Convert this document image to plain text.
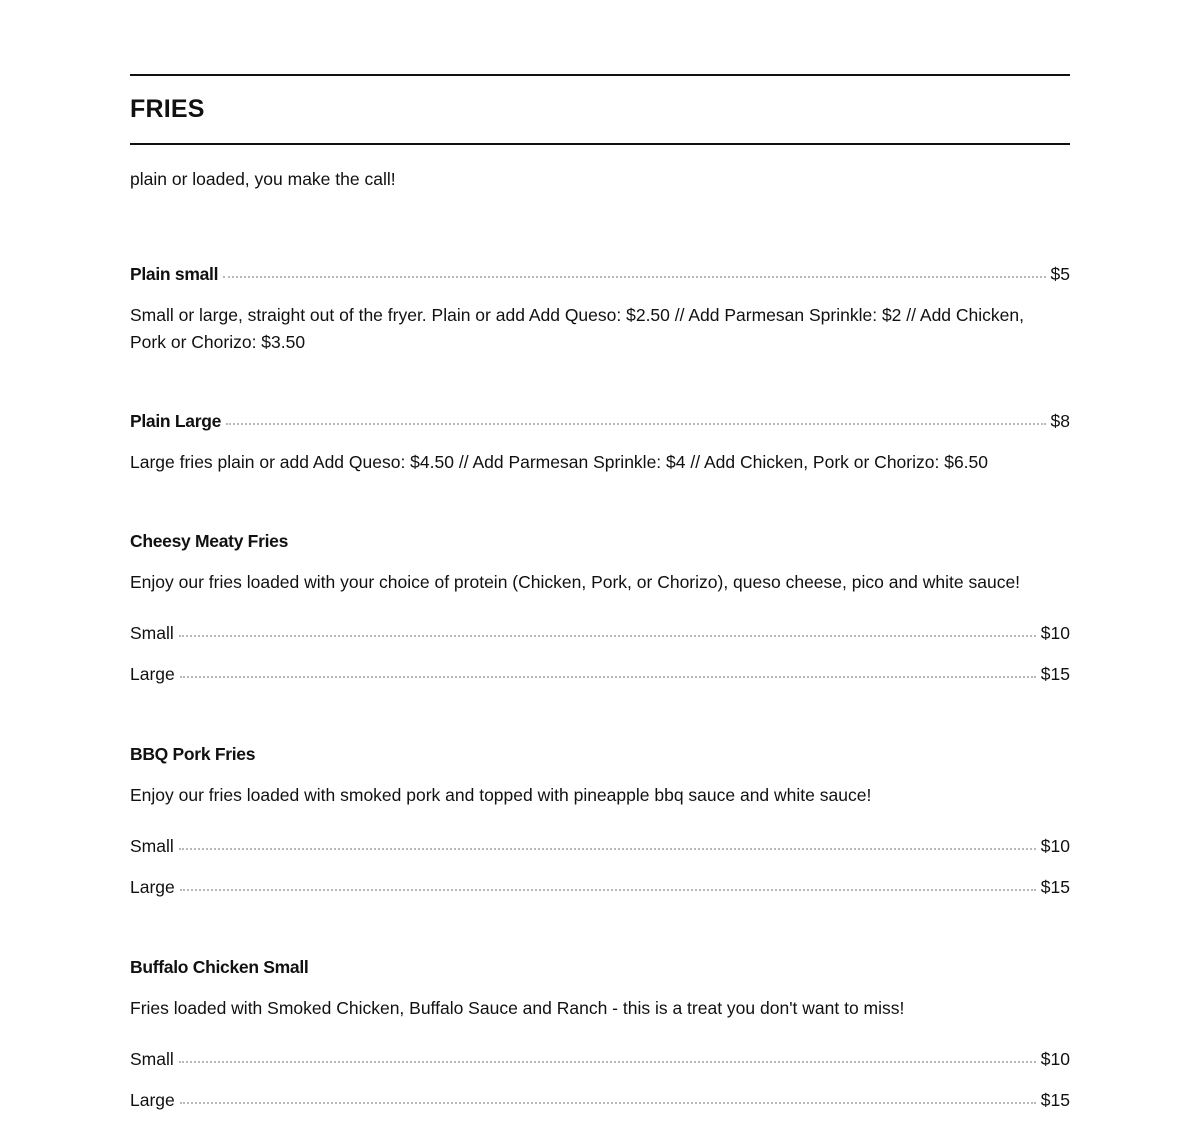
FRIES

plain or loaded, you make the call!

Plain small	$5

Small or large, straight out of the fryer. Plain or add Add Queso: $2.50 // Add Parmesan Sprinkle: $2 // Add Chicken, Pork or Chorizo: $3.50

Plain Large	$8

Large fries plain or add Add Queso: $4.50 // Add Parmesan Sprinkle: $4 // Add Chicken, Pork or Chorizo: $6.50

Cheesy Meaty Fries

Enjoy our fries loaded with your choice of protein (Chicken, Pork, or Chorizo), queso cheese, pico and white sauce!

Small	$10
Large	$15
BBQ Pork Fries

Enjoy our fries loaded with smoked pork and topped with pineapple bbq sauce and white sauce!

Small	$10
Large	$15
Buffalo Chicken Small

Fries loaded with Smoked Chicken, Buffalo Sauce and Ranch - this is a treat you don't want to miss!

Small	$10
Large	$15
